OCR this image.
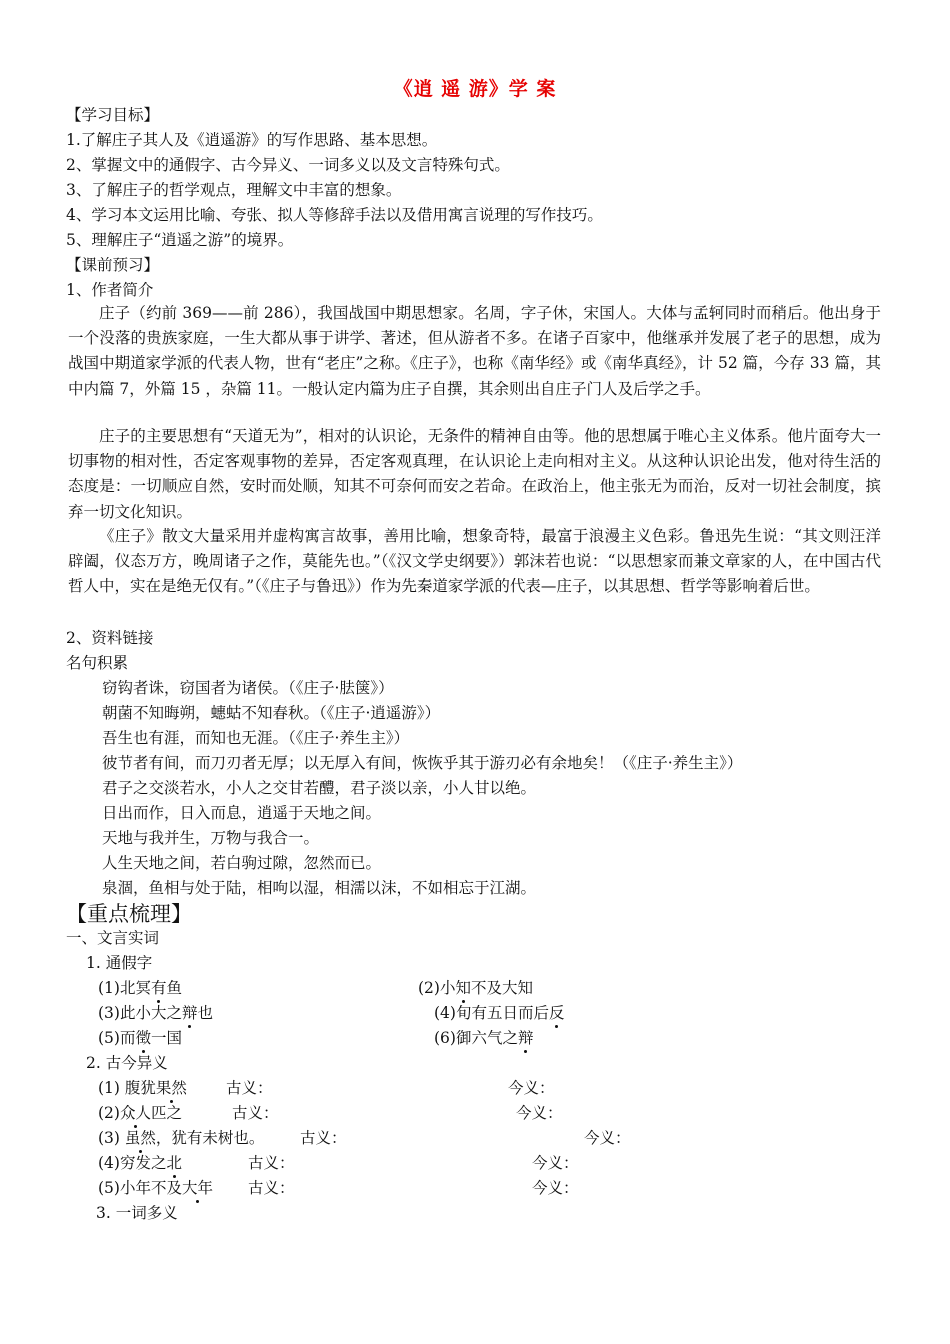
《逍 遥 游》学 案
【学习目标】
1.了解庄子其人及《逍遥游》的写作思路、基本思想。
2、掌握文中的通假字、古今异义、一词多义以及文言特殊句式。
3、了解庄子的哲学观点，理解文中丰富的想象。
4、学习本文运用比喻、夸张、拟人等修辞手法以及借用寓言说理的写作技巧。
5、理解庄子“逍遥之游”的境界。
【课前预习】
1、作者简介
庄子（约前 369——前 286），我国战国中期思想家。名周，字子休，宋国人。大体与孟轲同时而稍后。他出身于一个没落的贵族家庭，一生大都从事于讲学、著述，但从游者不多。在诸子百家中，他继承并发展了老子的思想，成为战国中期道家学派的代表人物，世有“老庄”之称。《庄子》，也称《南华经》或《南华真经》，计 52 篇，今存 33 篇，其中内篇 7，外篇 15 ，杂篇 11。一般认定内篇为庄子自撰，其余则出自庄子门人及后学之手。
庄子的主要思想有“天道无为”，相对的认识论，无条件的精神自由等。他的思想属于唯心主义体系。他片面夸大一切事物的相对性，否定客观事物的差异，否定客观真理，在认识论上走向相对主义。从这种认识论出发，他对待生活的态度是：一切顺应自然，安时而处顺，知其不可奈何而安之若命。在政治上，他主张无为而治，反对一切社会制度，摈弃一切文化知识。
《庄子》散文大量采用并虚构寓言故事，善用比喻，想象奇特，最富于浪漫主义色彩。鲁迅先生说：“其文则汪洋辟阖，仪态万方，晚周诸子之作，莫能先也。”（《汉文学史纲要》）郭沫若也说：“以思想家而兼文章家的人，在中国古代哲人中，实在是绝无仅有。”（《庄子与鲁迅》）作为先秦道家学派的代表—庄子，以其思想、哲学等影响着后世。
2、资料链接
名句积累
窃钩者诛，窃国者为诸侯。（《庄子·胠箧》）
朝菌不知晦朔，蟪蛄不知春秋。（《庄子·逍遥游》）
吾生也有涯，而知也无涯。（《庄子·养生主》）
彼节者有间，而刀刃者无厚；以无厚入有间，恢恢乎其于游刃必有余地矣！（《庄子·养生主》）
君子之交淡若水，小人之交甘若醴，君子淡以亲，小人甘以绝。
日出而作，日入而息，逍遥于天地之间。
天地与我并生，万物与我合一。
人生天地之间，若白驹过隙，忽然而已。
泉涸，鱼相与处于陆，相呴以湿，相濡以沫，不如相忘于江湖。
【重点梳理】
一、文言实词
1. 通假字
(1)北冥有鱼	(2)小知不及大知
(3)此小大之辩也	(4)旬有五日而后反
(5)而徵一国	(6)御六气之辩
2. 古今异义
(1) 腹犹果然	古义：	今义：
(2)众人匹之	古义：	今义：
(3) 虽然，犹有未树也。 古义：	今义：
(4)穷发之北	古义：	今义：
(5)小年不及大年 古义：	今义：
3. 一词多义
